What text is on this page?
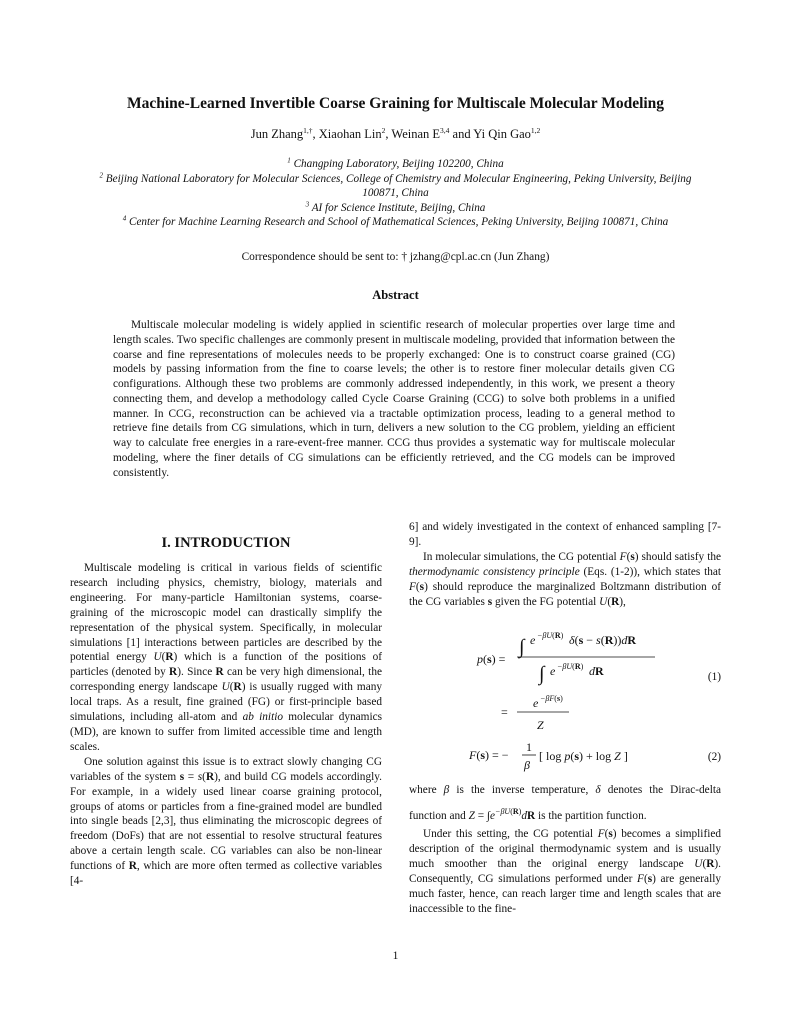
Machine-Learned Invertible Coarse Graining for Multiscale Molecular Modeling
Jun Zhang$^{1,\dagger}$, Xiaohan Lin$^2$, Weinan E$^{3,4}$ and Yi Qin Gao$^{1,2}$
$^1$ Changping Laboratory, Beijing 102200, China
$^2$ Beijing National Laboratory for Molecular Sciences, College of Chemistry and Molecular Engineering, Peking University, Beijing 100871, China
$^3$ AI for Science Institute, Beijing, China
$^4$ Center for Machine Learning Research and School of Mathematical Sciences, Peking University, Beijing 100871, China
Correspondence should be sent to: † jzhang@cpl.ac.cn (Jun Zhang)
Abstract
Multiscale molecular modeling is widely applied in scientific research of molecular properties over large time and length scales. Two specific challenges are commonly present in multiscale modeling, provided that information between the coarse and fine representations of molecules needs to be properly exchanged: One is to construct coarse grained (CG) models by passing information from the fine to coarse levels; the other is to restore finer molecular details given CG configurations. Although these two problems are commonly addressed independently, in this work, we present a theory connecting them, and develop a methodology called Cycle Coarse Graining (CCG) to solve both problems in a unified manner. In CCG, reconstruction can be achieved via a tractable optimization process, leading to a general method to retrieve fine details from CG simulations, which in turn, delivers a new solution to the CG problem, yielding an efficient way to calculate free energies in a rare-event-free manner. CCG thus provides a systematic way for multiscale molecular modeling, where the finer details of CG simulations can be efficiently retrieved, and the CG models can be improved consistently.
I. INTRODUCTION

Multiscale modeling is critical in various fields of scientific research including physics, chemistry, biology, materials and engineering. For many-particle Hamiltonian systems, coarse-graining of the microscopic model can drastically simplify the representation of the physical system. Specifically, in molecular simulations [1] interactions between particles are described by the potential energy U(R) which is a function of the positions of particles (denoted by R). Since R can be very high dimensional, the corresponding energy landscape U(R) is usually rugged with many local traps. As a result, fine grained (FG) or first-principle based simulations, including all-atom and ab initio molecular dynamics (MD), are known to suffer from limited accessible time and length scales.

One solution against this issue is to extract slowly changing CG variables of the system s = s(R), and build CG models accordingly. For example, in a widely used linear coarse graining protocol, groups of atoms or particles from a fine-grained model are bundled into single beads [2,3], thus eliminating the microscopic degrees of freedom (DoFs) that are not essential to resolve structural features above a certain length scale. CG variables can also be non-linear functions of R, which are more often termed as collective variables [4-

6] and widely investigated in the context of enhanced sampling [7-9].

In molecular simulations, the CG potential F(s) should satisfy the thermodynamic consistency principle (Eqs. (1-2)), which states that F(s) should reproduce the marginalized Boltzmann distribution of the CG variables s given the FG potential U(R),

p(s) =
∫ e −βU(R) δ(s − s(R))dR
∫ e −βU(R) dR
=
e −βF(s)
Z
(1)
F(s) = −
1
β
[ log p(s) + log Z ]	(2)

where β is the inverse temperature, δ denotes the Dirac-delta function and $Z = \int e^{-\beta U(R)}dR$ is the partition function.

Under this setting, the CG potential F(s) becomes a simplified description of the original thermodynamic system and is usually much smoother than the original energy landscape U(R). Consequently, CG simulations performed under F(s) are generally much faster, hence, can reach larger time and length scales that are inaccessible to the fine-

1
